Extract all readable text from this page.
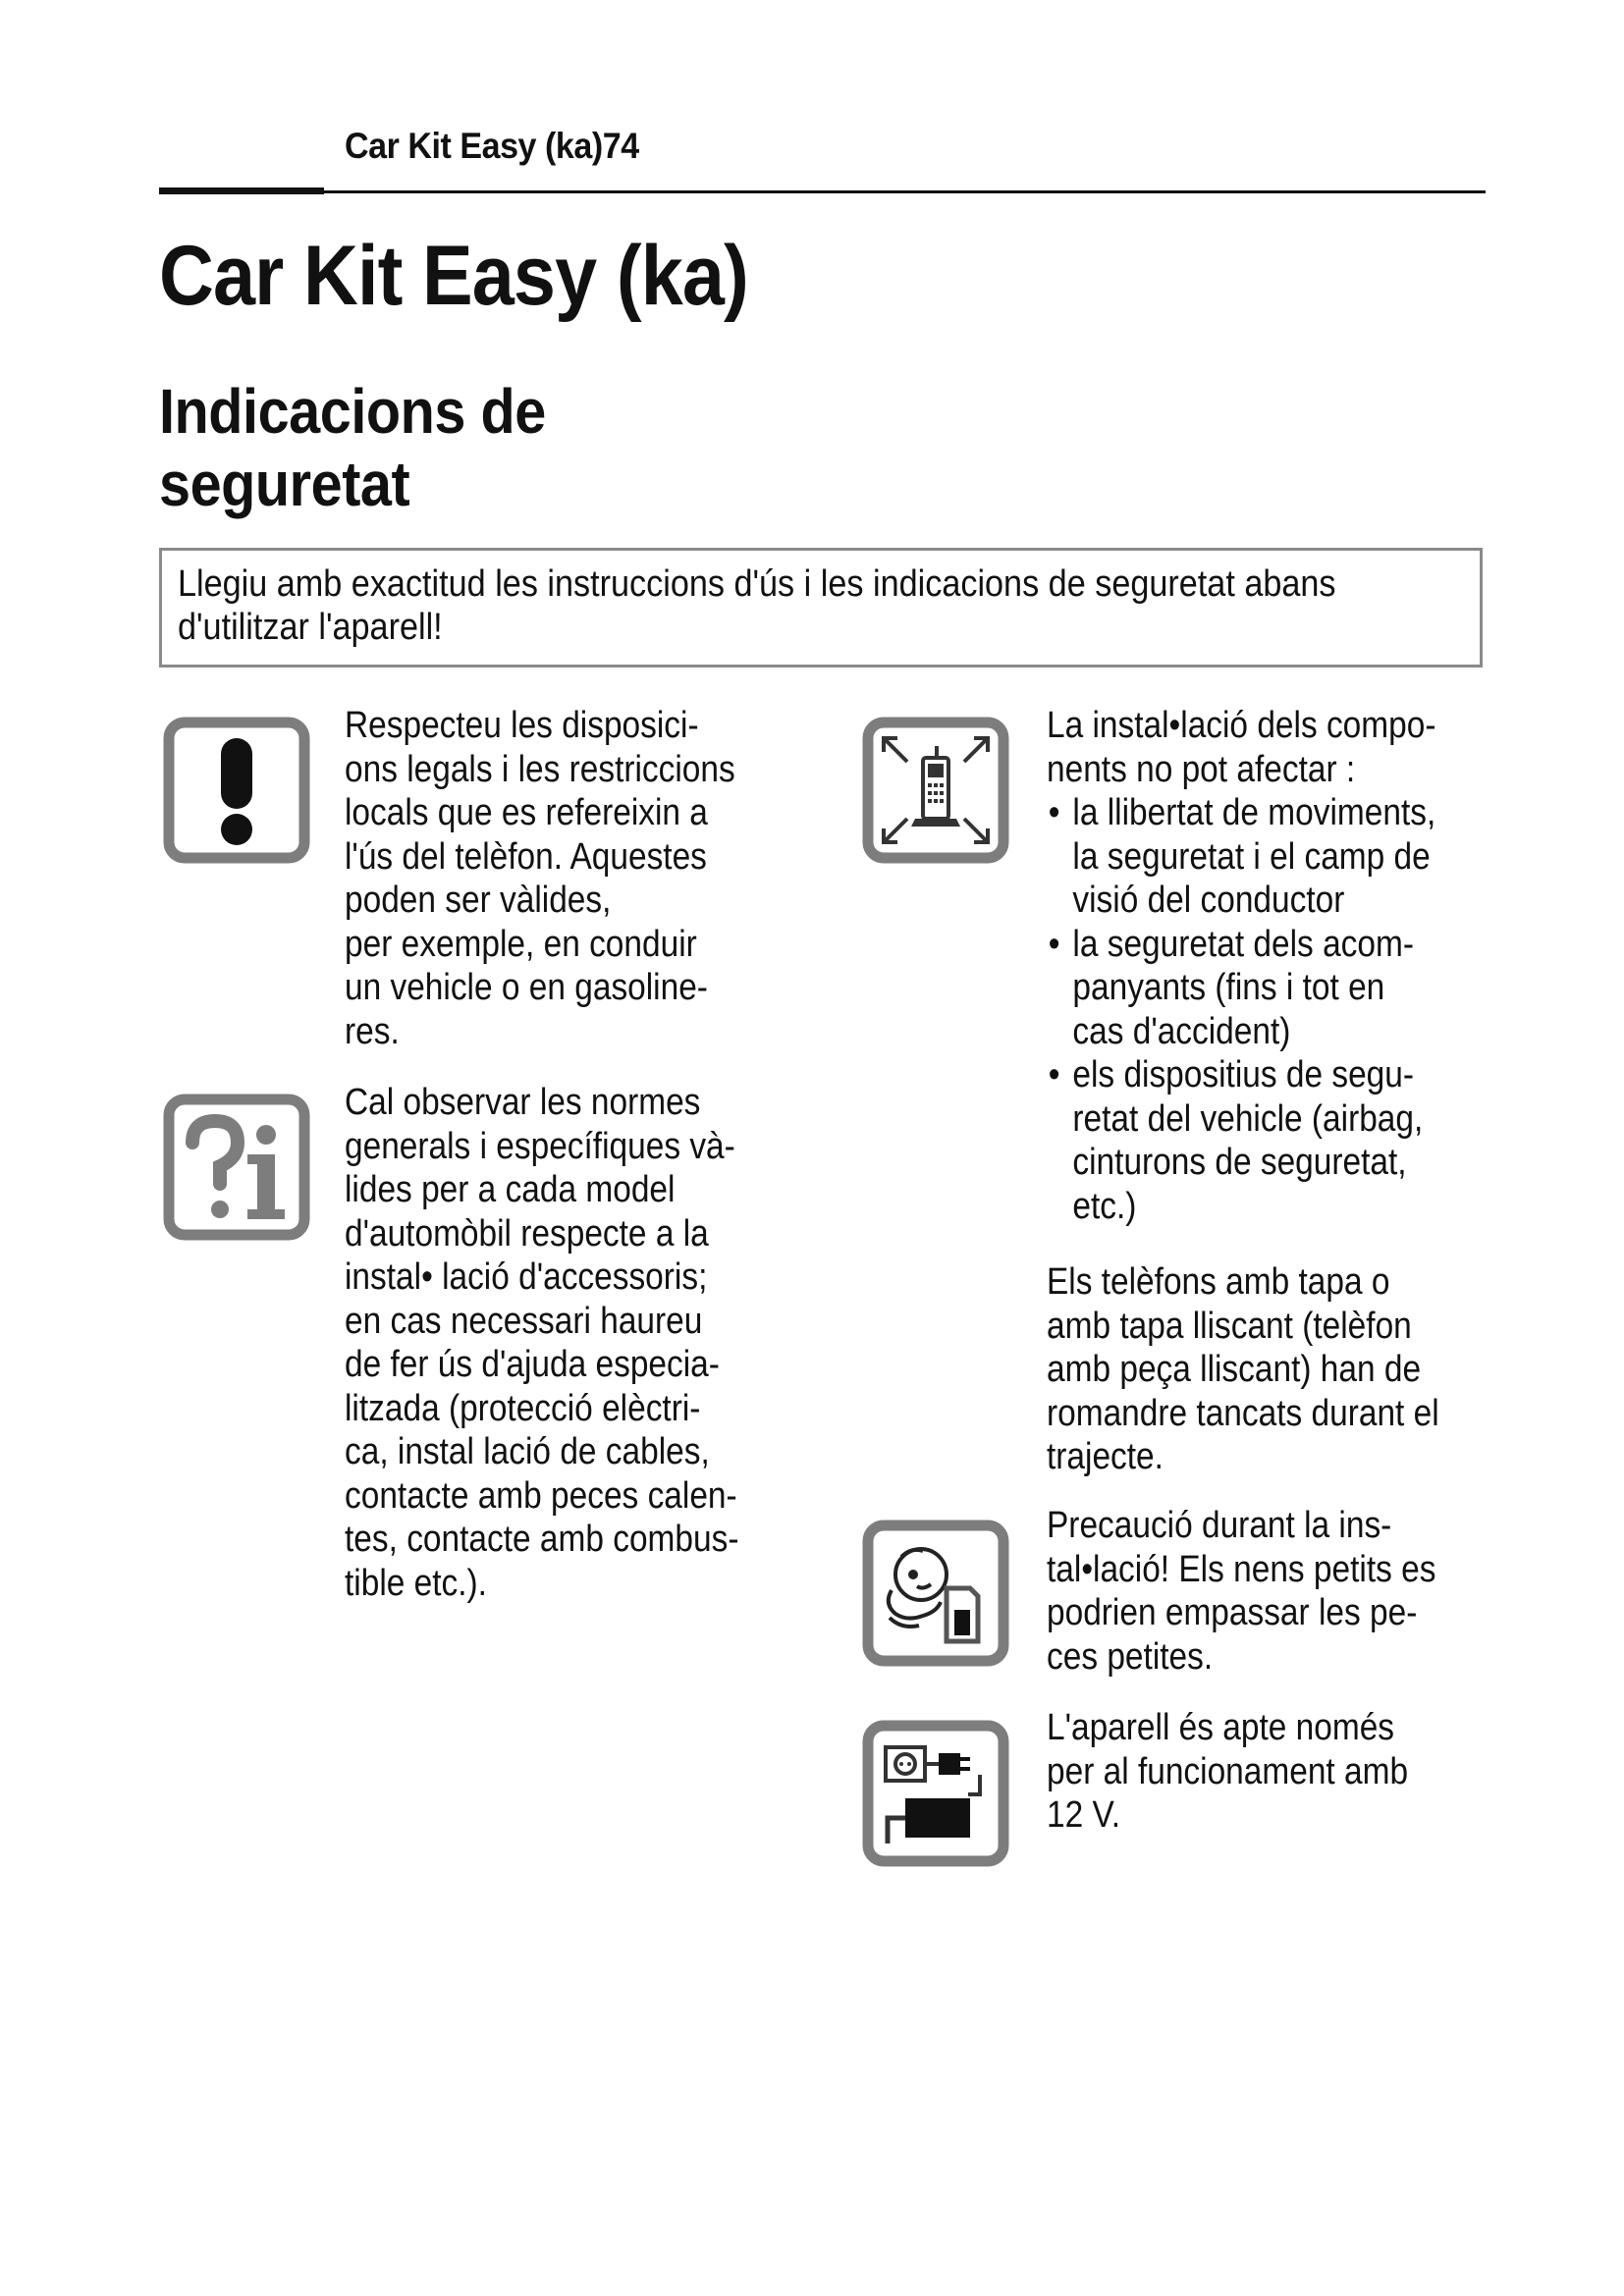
Car Kit Easy (ka)74
Car Kit Easy (ka)
Indicacions de
seguretat
Llegiu amb exactitud les instruccions d'ús i les indicacions de seguretat abans
d'utilitzar l'aparell!
Respecteu les disposici-
ons legals i les restriccions
locals que es refereixin a
l'ús del telèfon. Aquestes
poden ser vàlides,
per exemple, en conduir
un vehicle o en gasoline-
res.
Cal observar les normes
generals i específiques và-
lides per a cada model
d'automòbil respecte a la
instal• lació d'accessoris;
en cas necessari haureu
de fer ús d'ajuda especia-
litzada (protecció elèctri-
ca, instal lació de cables,
contacte amb peces calen-
tes, contacte amb combus-
tible etc.).
La instal•lació dels compo-
nents no pot afectar :
• la llibertat de moviments,
la seguretat i el camp de
visió del conductor
• la seguretat dels acom-
panyants (fins i tot en
cas d'accident)
• els dispositius de segu-
retat del vehicle (airbag,
cinturons de seguretat,
etc.)
Els telèfons amb tapa o
amb tapa lliscant (telèfon
amb peça lliscant) han de
romandre tancats durant el
trajecte.
Precaució durant la ins-
tal•lació! Els nens petits es
podrien empassar les pe-
ces petites.
L'aparell és apte només
per al funcionament amb
12 V.
